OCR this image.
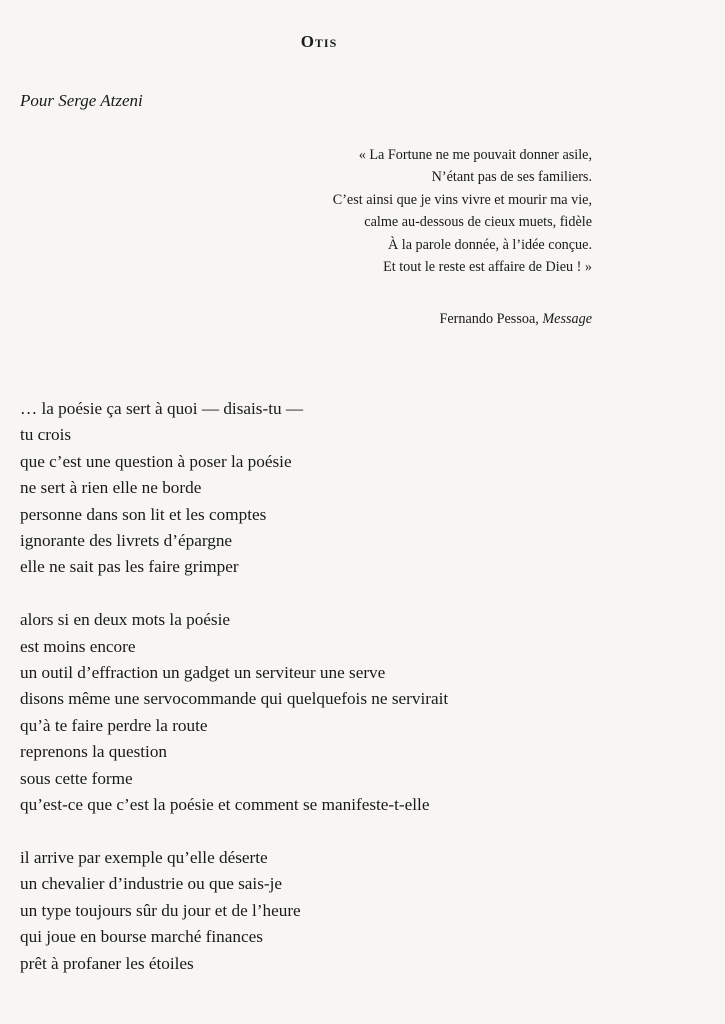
Otis
Pour Serge Atzeni
« La Fortune ne me pouvait donner asile,
N’étant pas de ses familiers.
C’est ainsi que je vins vivre et mourir ma vie,
calme au-dessous de cieux muets, fidèle
À la parole donnée, à l’idée conçue.
Et tout le reste est affaire de Dieu ! »
Fernando Pessoa, Message
… la poésie ça sert à quoi — disais-tu —
tu crois
que c’est une question à poser la poésie
ne sert à rien elle ne borde
personne dans son lit et les comptes
ignorante des livrets d’épargne
elle ne sait pas les faire grimper
alors si en deux mots la poésie
est moins encore
un outil d’effraction un gadget un serviteur une serve
disons même une servocommande qui quelquefois ne servirait
qu’à te faire perdre la route
reprenons la question
sous cette forme
qu’est-ce que c’est la poésie et comment se manifeste-t-elle
il arrive par exemple qu’elle déserte
un chevalier d’industrie ou que sais-je
un type toujours sûr du jour et de l’heure
qui joue en bourse marché finances
prêt à profaner les étoiles
